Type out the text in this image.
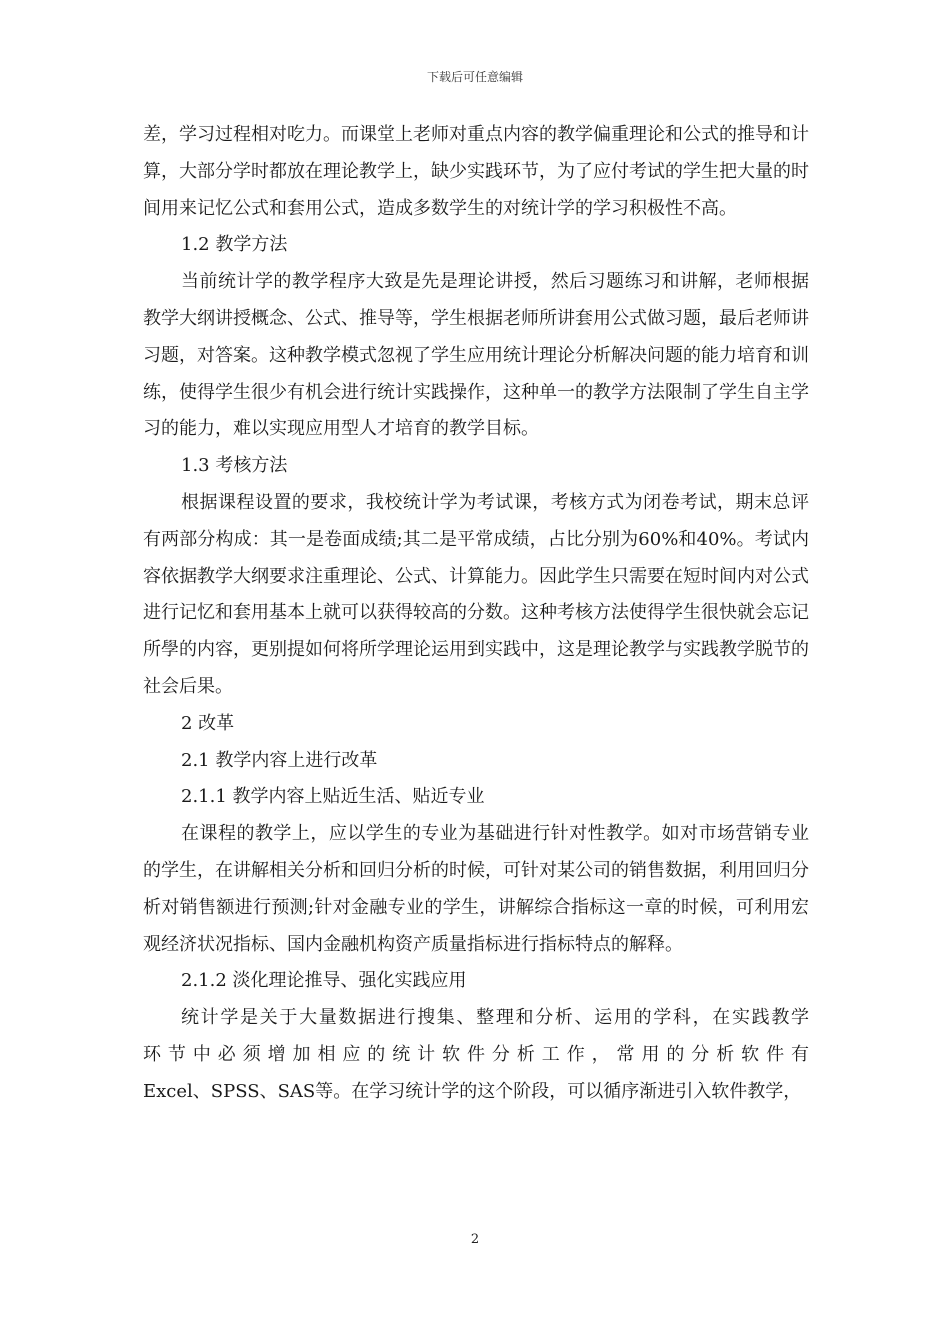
下载后可任意编辑

差，学习过程相对吃力。而课堂上老师对重点内容的教学偏重理论和公式的推导和计算，大部分学时都放在理论教学上，缺少实践环节，为了应付考试的学生把大量的时间用来记忆公式和套用公式，造成多数学生的对统计学的学习积极性不高。

1.2 教学方法

当前统计学的教学程序大致是先是理论讲授，然后习题练习和讲解，老师根据教学大纲讲授概念、公式、推导等，学生根据老师所讲套用公式做习题，最后老师讲习题，对答案。这种教学模式忽视了学生应用统计理论分析解决问题的能力培育和训练，使得学生很少有机会进行统计实践操作，这种单一的教学方法限制了学生自主学习的能力，难以实现应用型人才培育的教学目标。

1.3 考核方法

根据课程设置的要求，我校统计学为考试课，考核方式为闭卷考试，期末总评有两部分构成：其一是卷面成绩;其二是平常成绩，占比分别为60%和40%。考试内容依据教学大纲要求注重理论、公式、计算能力。因此学生只需要在短时间内对公式进行记忆和套用基本上就可以获得较高的分数。这种考核方法使得学生很快就会忘记所學的内容，更别提如何将所学理论运用到实践中，这是理论教学与实践教学脱节的社会后果。

2 改革

2.1 教学内容上进行改革

2.1.1 教学内容上贴近生活、贴近专业

在课程的教学上，应以学生的专业为基础进行针对性教学。如对市场营销专业的学生，在讲解相关分析和回归分析的时候，可针对某公司的销售数据，利用回归分析对销售额进行预测;针对金融专业的学生，讲解综合指标这一章的时候，可利用宏观经济状况指标、国内金融机构资产质量指标进行指标特点的解释。

2.1.2 淡化理论推导、强化实践应用

统计学是关于大量数据进行搜集、整理和分析、运用的学科，在实践教学

环节中必须增加相应的统计软件分析工作，常用的分析软件有

Excel、SPSS、SAS等。在学习统计学的这个阶段，可以循序渐进引入软件教学，

2
